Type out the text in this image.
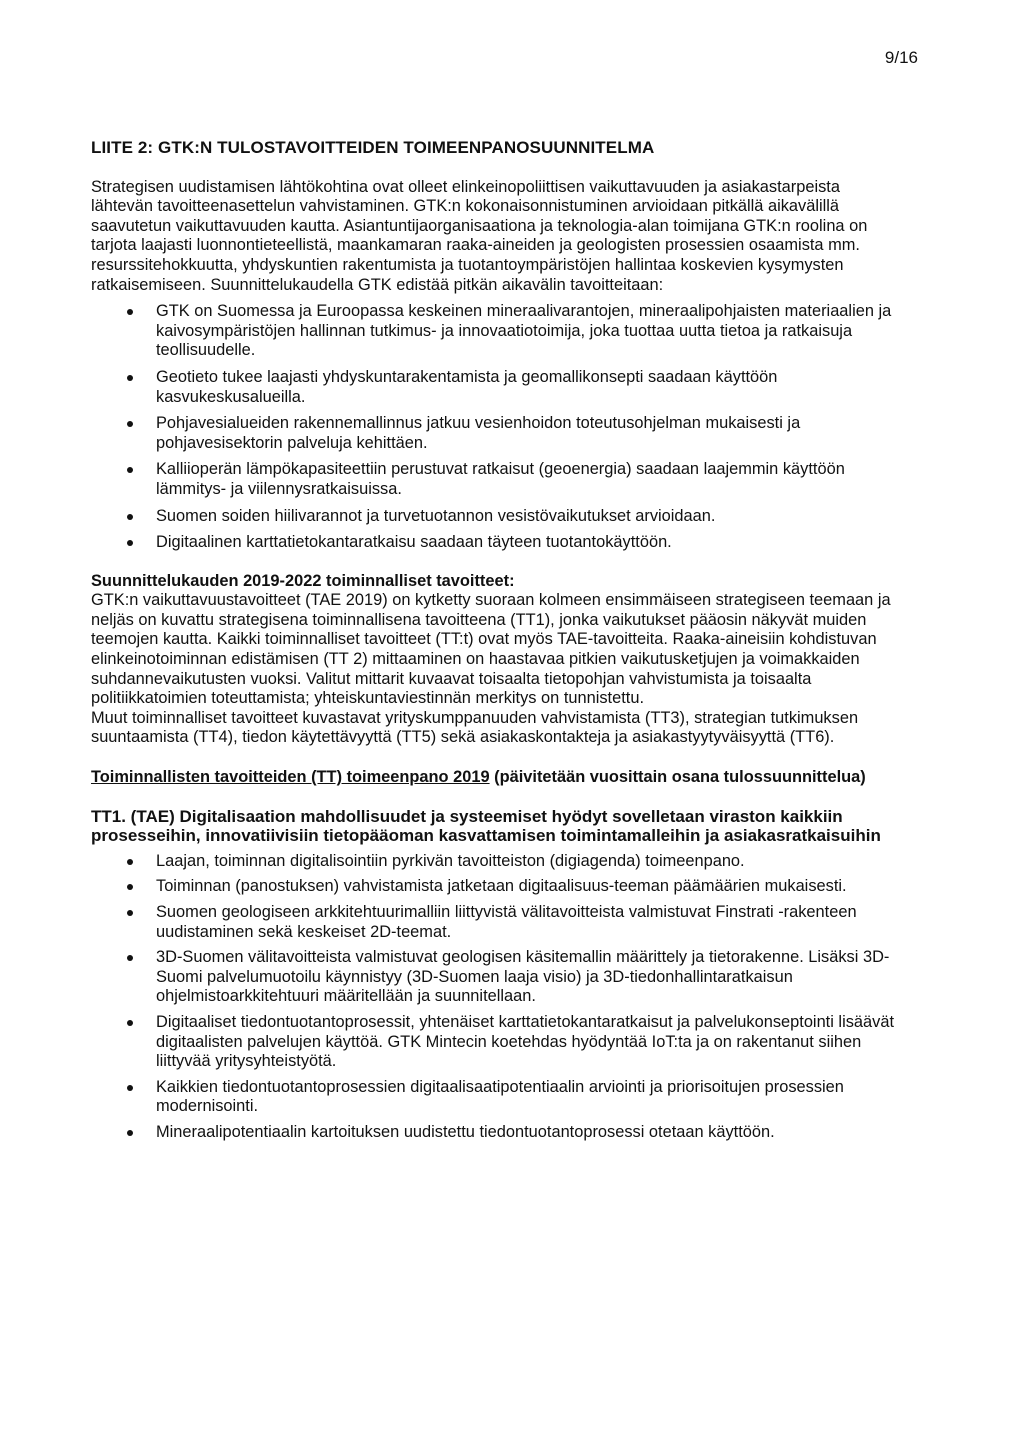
9/16
LIITE 2: GTK:N TULOSTAVOITTEIDEN TOIMEENPANOSUUNNITELMA

Strategisen uudistamisen lähtökohtina ovat olleet elinkeinopoliittisen vaikuttavuuden ja asiakastarpeista lähtevän tavoitteenasettelun vahvistaminen. GTK:n kokonaisonnistuminen arvioidaan pitkällä aikavälillä saavutetun vaikuttavuuden kautta. Asiantuntijaorganisaationa ja teknologia-alan toimijana GTK:n roolina on tarjota laajasti luonnontieteellistä, maankamaran raaka-aineiden ja geologisten prosessien osaamista mm. resurssitehokkuutta, yhdyskuntien rakentumista ja tuotantoympäristöjen hallintaa koskevien kysymysten ratkaisemiseen. Suunnittelukaudella GTK edistää pitkän aikavälin tavoitteitaan:

GTK on Suomessa ja Euroopassa keskeinen mineraalivarantojen, mineraalipohjaisten materiaalien ja kaivosympäristöjen hallinnan tutkimus- ja innovaatiotoimija, joka tuottaa uutta tietoa ja ratkaisuja teollisuudelle.
Geotieto tukee laajasti yhdyskuntarakentamista ja geomallikonsepti saadaan käyttöön kasvukeskusalueilla.
Pohjavesialueiden rakennemallinnus jatkuu vesienhoidon toteutusohjelman mukaisesti ja pohjavesisektorin palveluja kehittäen.
Kalliioperän lämpökapasiteettiin perustuvat ratkaisut (geoenergia) saadaan laajemmin käyttöön lämmitys- ja viilennysratkaisuissa.
Suomen soiden hiilivarannot ja turvetuotannon vesistövaikutukset arvioidaan.
Digitaalinen karttatietokantaratkaisu saadaan täyteen tuotantokäyttöön.

Suunnittelukauden 2019-2022 toiminnalliset tavoitteet:

GTK:n vaikuttavuustavoitteet (TAE 2019) on kytketty suoraan kolmeen ensimmäiseen strategiseen teemaan ja neljäs on kuvattu strategisena toiminnallisena tavoitteena (TT1), jonka vaikutukset pääosin näkyvät muiden teemojen kautta. Kaikki toiminnalliset tavoitteet (TT:t) ovat myös TAE-tavoitteita. Raaka-aineisiin kohdistuvan elinkeinotoiminnan edistämisen (TT 2) mittaaminen on haastavaa pitkien vaikutusketjujen ja voimakkaiden suhdannevaikutusten vuoksi. Valitut mittarit kuvaavat toisaalta tietopohjan vahvistumista ja toisaalta politiikkatoimien toteuttamista; yhteiskuntaviestinnän merkitys on tunnistettu.

Muut toiminnalliset tavoitteet kuvastavat yrityskumppanuuden vahvistamista (TT3), strategian tutkimuksen suuntaamista (TT4), tiedon käytettävyyttä (TT5) sekä asiakaskontakteja ja asiakastyytyväisyyttä (TT6).

Toiminnallisten tavoitteiden (TT) toimeenpano 2019 (päivitetään vuosittain osana tulossuunnittelua)

TT1. (TAE) Digitalisaation mahdollisuudet ja systeemiset hyödyt sovelletaan viraston kaikkiin prosesseihin, innovatiivisiin tietopääoman kasvattamisen toimintamalleihin ja asiakasratkaisuihin

Laajan, toiminnan digitalisointiin pyrkivän tavoitteiston (digiagenda) toimeenpano.
Toiminnan (panostuksen) vahvistamista jatketaan digitaalisuus-teeman päämäärien mukaisesti.
Suomen geologiseen arkkitehtuurimalliin liittyvistä välitavoitteista valmistuvat Finstrati -rakenteen uudistaminen sekä keskeiset 2D-teemat.
3D-Suomen välitavoitteista valmistuvat geologisen käsitemallin määrittely ja tietorakenne. Lisäksi 3D-Suomi palvelumuotoilu käynnistyy (3D-Suomen laaja visio) ja 3D-tiedonhallintaratkaisun ohjelmistoarkkitehtuuri määritellään ja suunnitellaan.
Digitaaliset tiedontuotantoprosessit, yhtenäiset karttatietokantaratkaisut ja palvelukonseptointi lisäävät digitaalisten palvelujen käyttöä. GTK Mintecin koetehdas hyödyntää IoT:ta ja on rakentanut siihen liittyvää yritysyhteistyötä.
Kaikkien tiedontuotantoprosessien digitaalisaatipotentiaalin arviointi ja priorisoitujen prosessien modernisointi.
Mineraalipotentiaalin kartoituksen uudistettu tiedontuotantoprosessi otetaan käyttöön.
